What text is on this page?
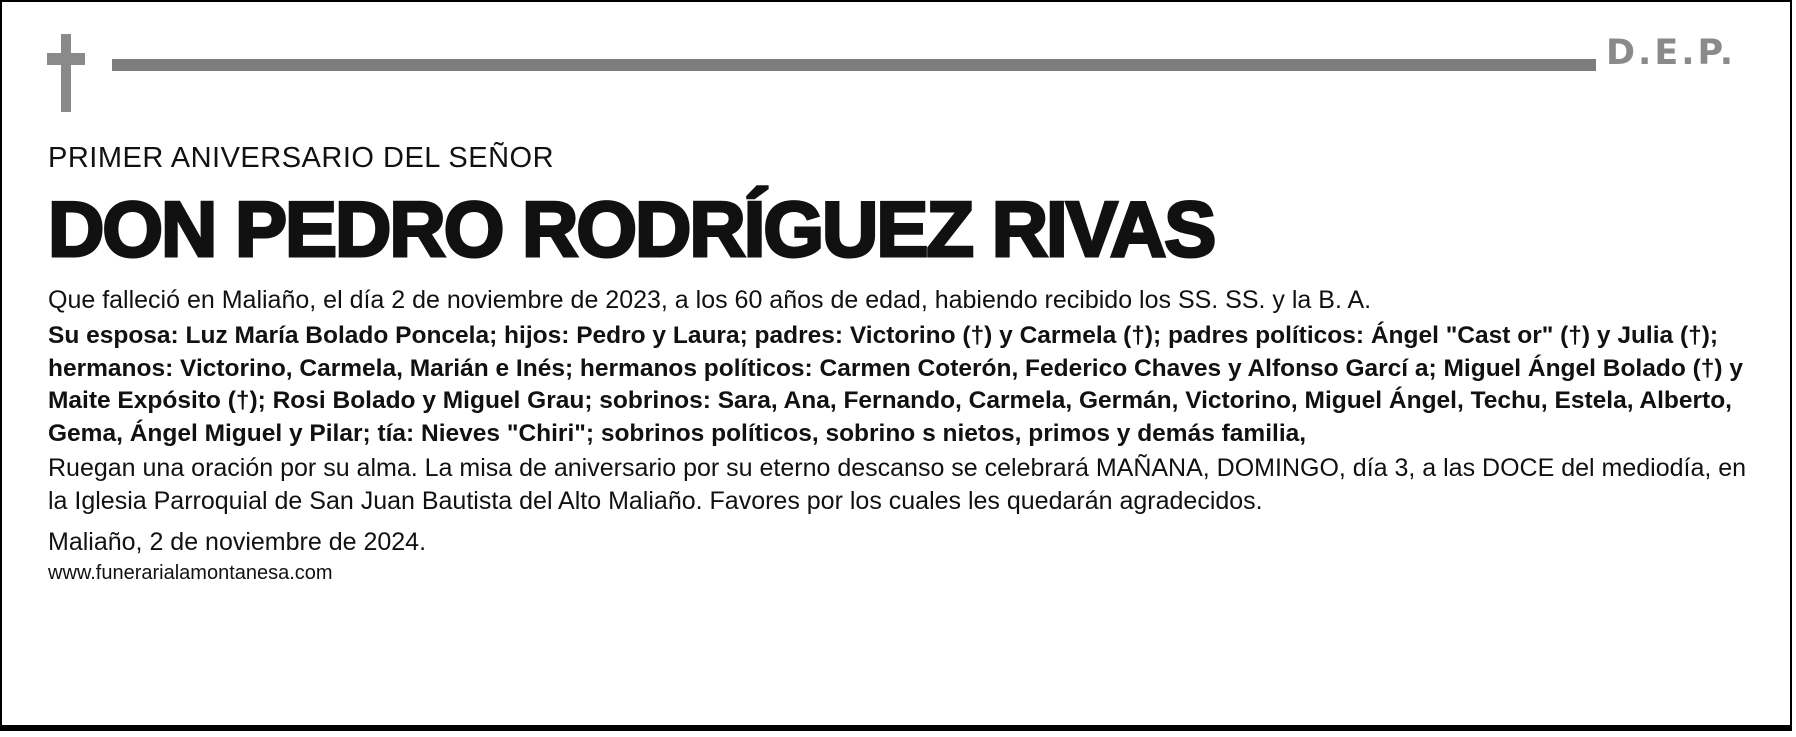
D.E.P.
PRIMER ANIVERSARIO DEL SEÑOR
DON PEDRO RODRÍGUEZ RIVAS
Que falleció en Maliaño, el día 2 de noviembre de 2023, a los 60 años de edad, habiendo recibido los SS. SS. y la B. A.
Su esposa: Luz María Bolado Poncela; hijos: Pedro y Laura; padres: Victorino (†) y Carmela (†); padres políticos: Ángel "Cast or" (†) y Julia (†); hermanos: Victorino, Carmela, Marián e Inés; hermanos políticos: Carmen Coterón, Federico Chaves y Alfonso Garcí a; Miguel Ángel Bolado (†) y Maite Expósito (†); Rosi Bolado y Miguel Grau; sobrinos: Sara, Ana, Fernando, Carmela, Germán, Victorino, Miguel Ángel, Techu, Estela, Alberto, Gema, Ángel Miguel y Pilar; tía: Nieves "Chiri"; sobrinos políticos, sobrino s nietos, primos y demás familia,
Ruegan una oración por su alma. La misa de aniversario por su eterno descanso se celebrará MAÑANA, DOMINGO, día 3, a las DOCE del mediodía, en la Iglesia Parroquial de San Juan Bautista del Alto Maliaño. Favores por los cuales les quedarán agradecidos.
Maliaño, 2 de noviembre de 2024.
www.funerarialamontanesa.com
